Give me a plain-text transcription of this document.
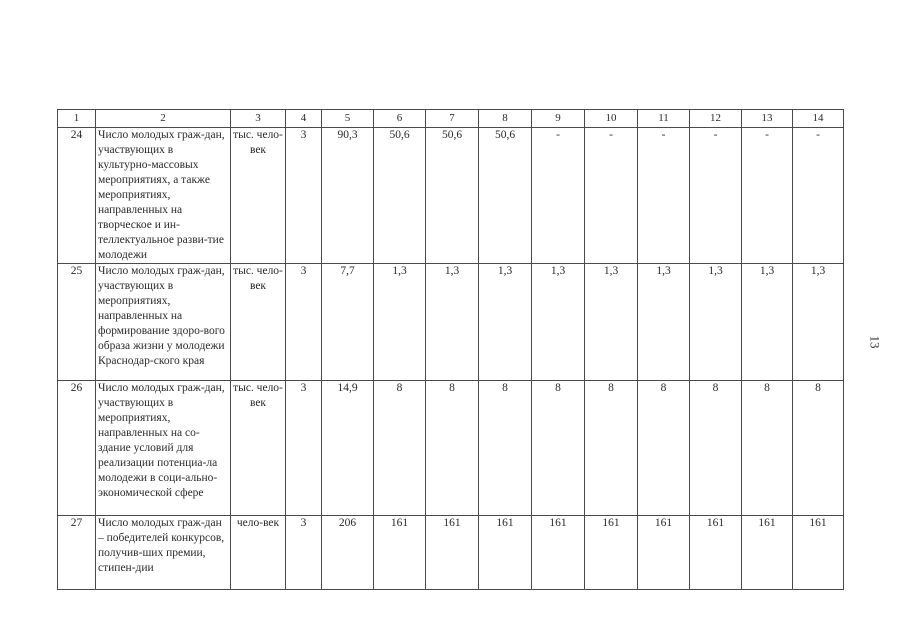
1	2	3	4	5	6	7	8	9	10	11	12	13	14
24	Число молодых граж-дан, участвующих в культурно-массовых мероприятиях, а также мероприятиях, направленных на творческое и ин-теллектуальное разви-тие молодежи	тыс. чело-век	3	90,3	50,6	50,6	50,6	-	-	-	-	-	-
25	Число молодых граж-дан, участвующих в мероприятиях, направленных на формирование здоро-вого образа жизни у молодежи Краснодар-ского края	тыс. чело-век	3	7,7	1,3	1,3	1,3	1,3	1,3	1,3	1,3	1,3	1,3
26	Число молодых граж-дан, участвующих в мероприятиях, направленных на со-здание условий для реализации потенциа-ла молодежи в соци-ально-экономической сфере	тыс. чело-век	3	14,9	8	8	8	8	8	8	8	8	8
27	Число молодых граж-дан – победителей конкурсов, получив-ших премии, стипен-дии	чело-век	3	206	161	161	161	161	161	161	161	161	161
13
